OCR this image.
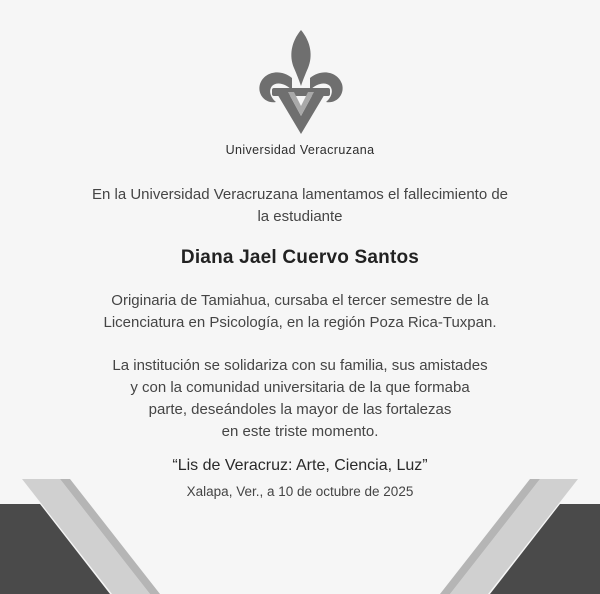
Universidad Veracruzana
En la Universidad Veracruzana lamentamos el fallecimiento de
la estudiante
Diana Jael Cuervo Santos
Originaria de Tamiahua, cursaba el tercer semestre de la
Licenciatura en Psicología, en la región Poza Rica-Tuxpan.
La institución se solidariza con su familia, sus amistades
y con la comunidad universitaria de la que formaba
parte, deseándoles la mayor de las fortalezas
en este triste momento.
“Lis de Veracruz: Arte, Ciencia, Luz”
Xalapa, Ver., a 10 de octubre de 2025
